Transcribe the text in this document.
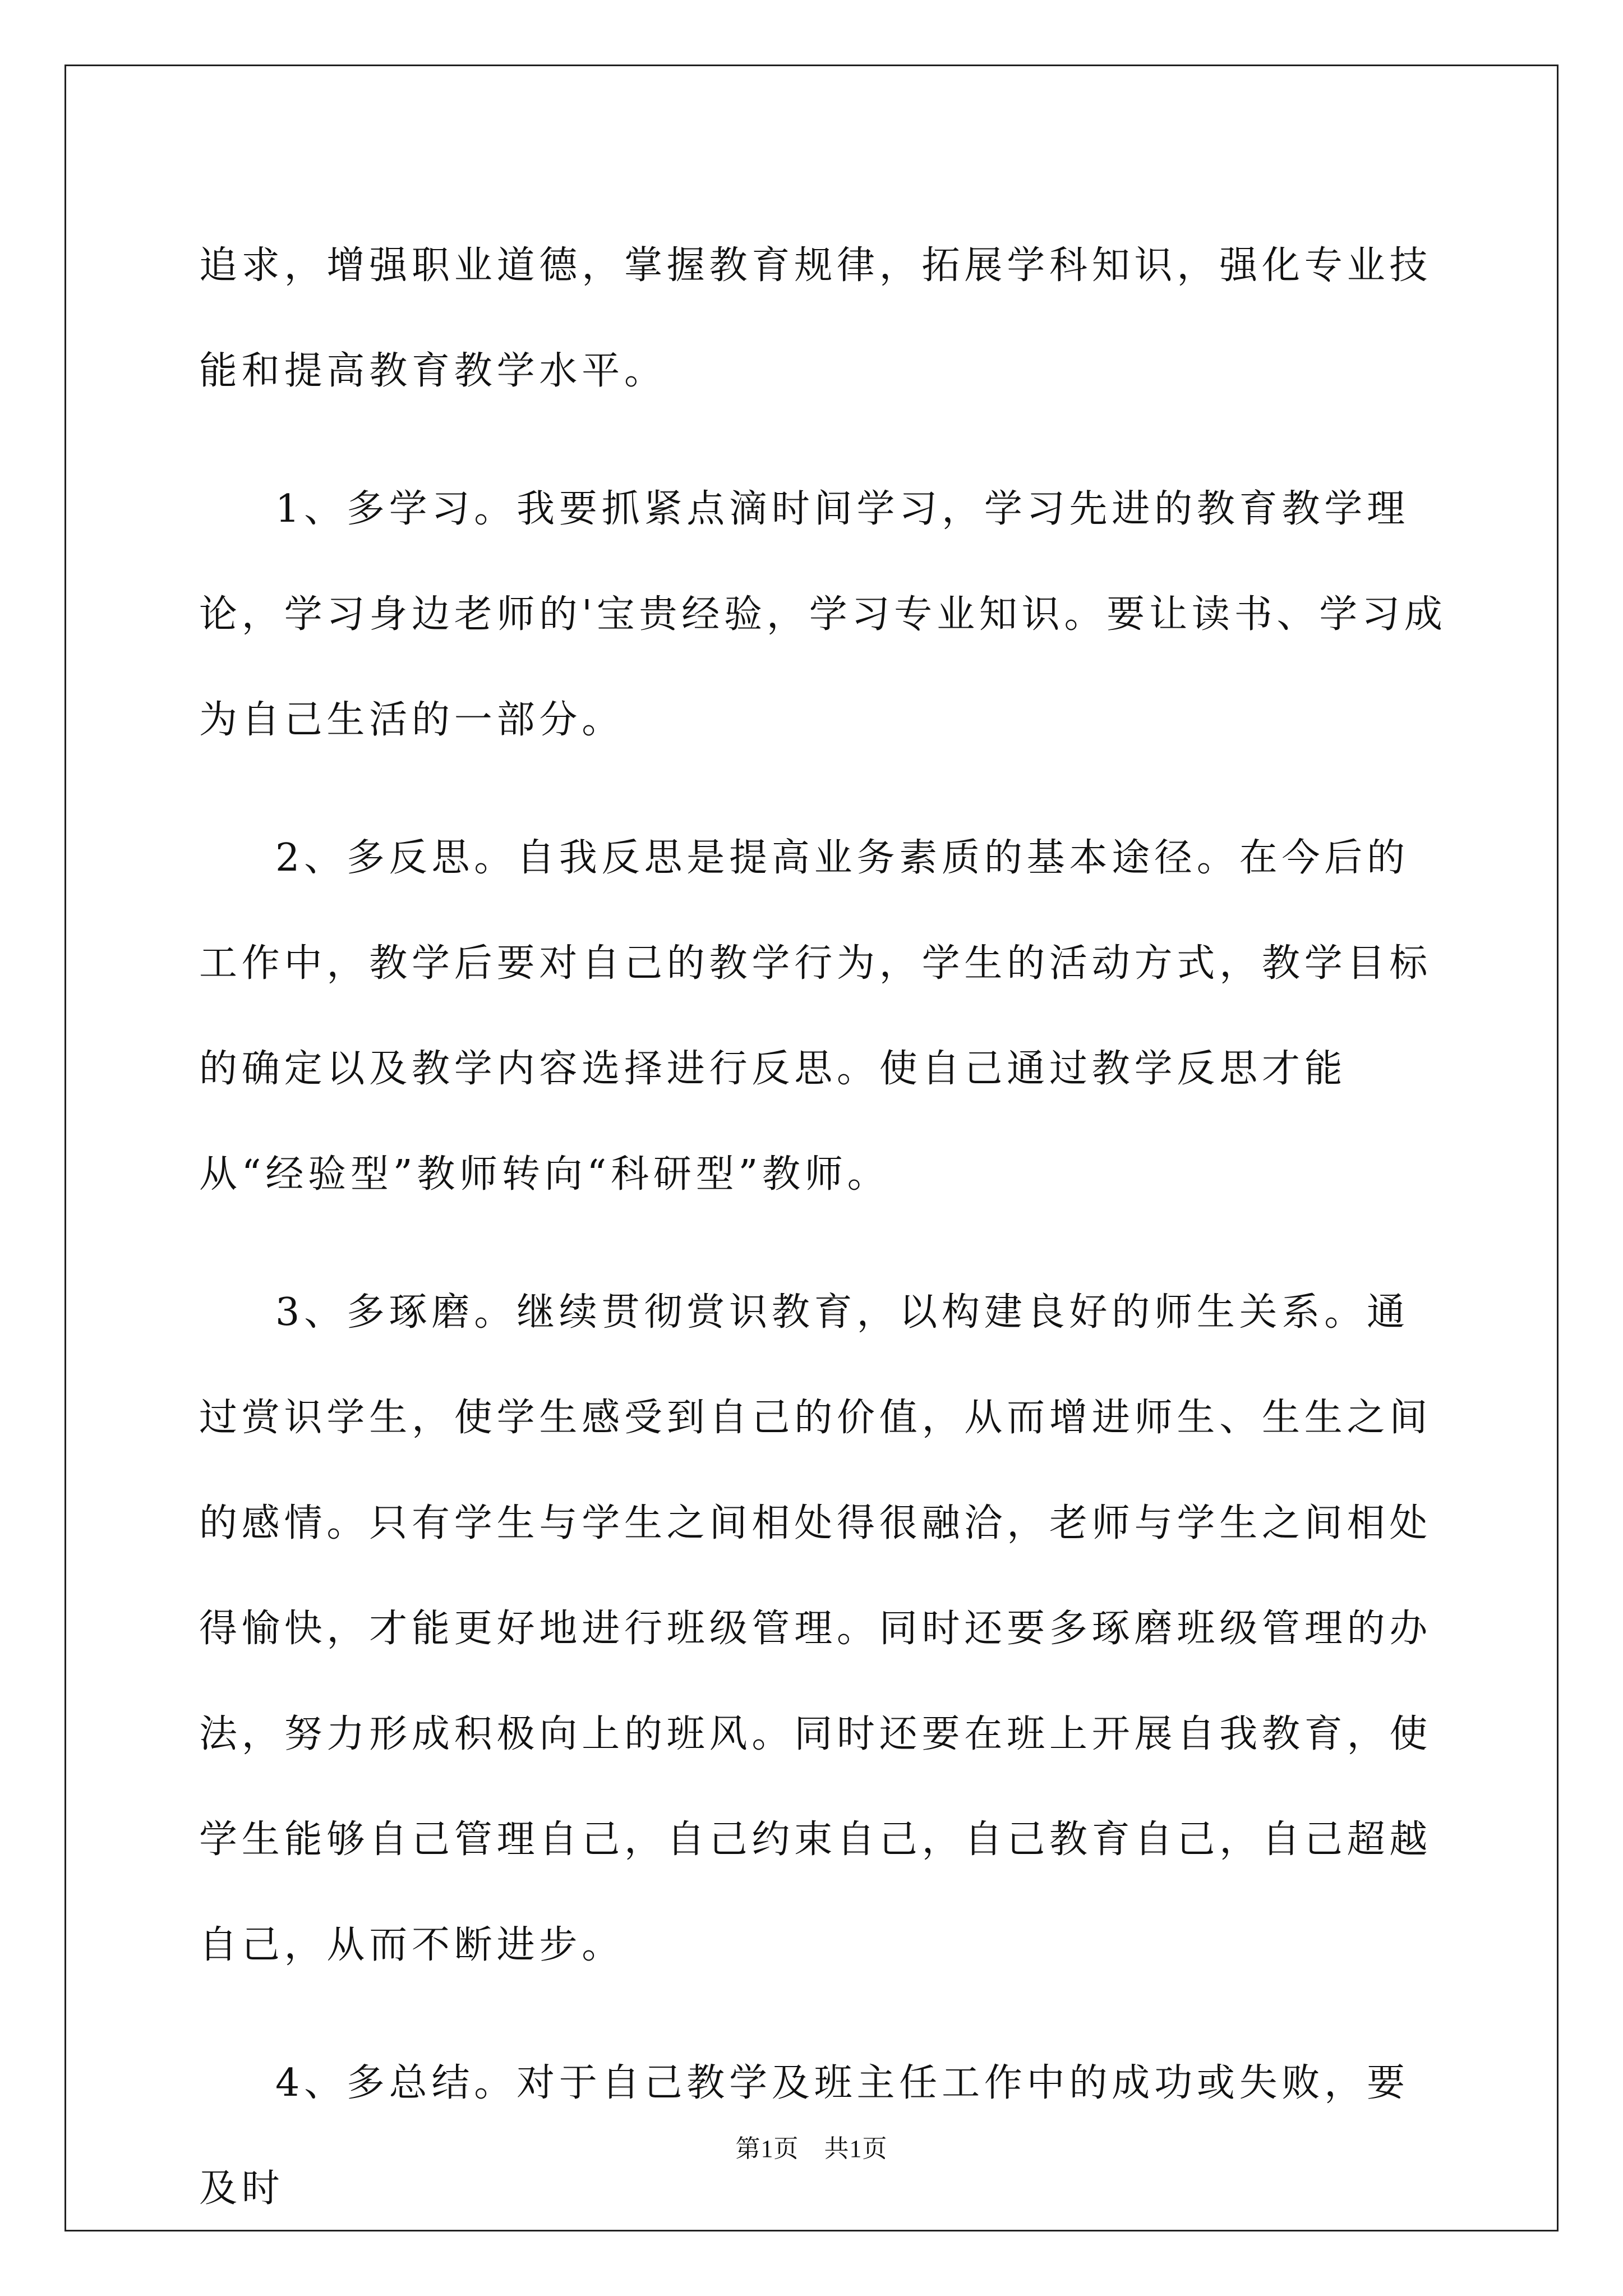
追求，增强职业道德，掌握教育规律，拓展学科知识，强化专业技能和提高教育教学水平。

1、多学习。我要抓紧点滴时间学习，学习先进的教育教学理论，学习身边老师的'宝贵经验，学习专业知识。要让读书、学习成为自己生活的一部分。

2、多反思。自我反思是提高业务素质的基本途径。在今后的工作中，教学后要对自己的教学行为，学生的活动方式，教学目标的确定以及教学内容选择进行反思。使自己通过教学反思才能从“经验型”教师转向“科研型”教师。

3、多琢磨。继续贯彻赏识教育，以构建良好的师生关系。通过赏识学生，使学生感受到自己的价值，从而增进师生、生生之间的感情。只有学生与学生之间相处得很融洽，老师与学生之间相处得愉快，才能更好地进行班级管理。同时还要多琢磨班级管理的办法，努力形成积极向上的班风。同时还要在班上开展自我教育，使学生能够自己管理自己，自己约束自己，自己教育自己，自己超越自己，从而不断进步。

4、多总结。对于自己教学及班主任工作中的成功或失败，要及时

第1页　共1页
